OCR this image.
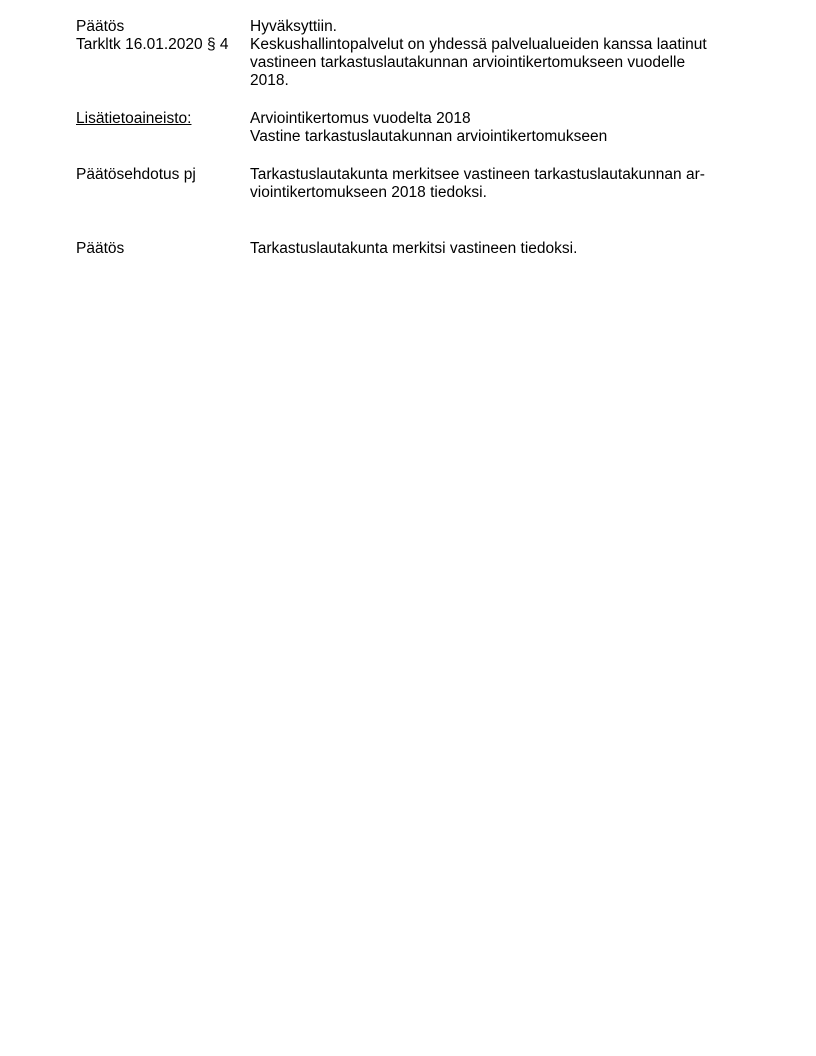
Päätös	Hyväksyttiin.
Tarkltk 16.01.2020 § 4	Keskushallintopalvelut on yhdessä palvelualueiden kanssa laatinut
vastineen tarkastuslautakunnan arviointikertomukseen vuodelle
2018.
Lisätietoaineisto:	Arviointikertomus vuodelta 2018
Vastine tarkastuslautakunnan arviointikertomukseen
Päätösehdotus pj	Tarkastuslautakunta merkitsee vastineen tarkastuslautakunnan ar-
viointikertomukseen 2018 tiedoksi.
Päätös	Tarkastuslautakunta merkitsi vastineen tiedoksi.
